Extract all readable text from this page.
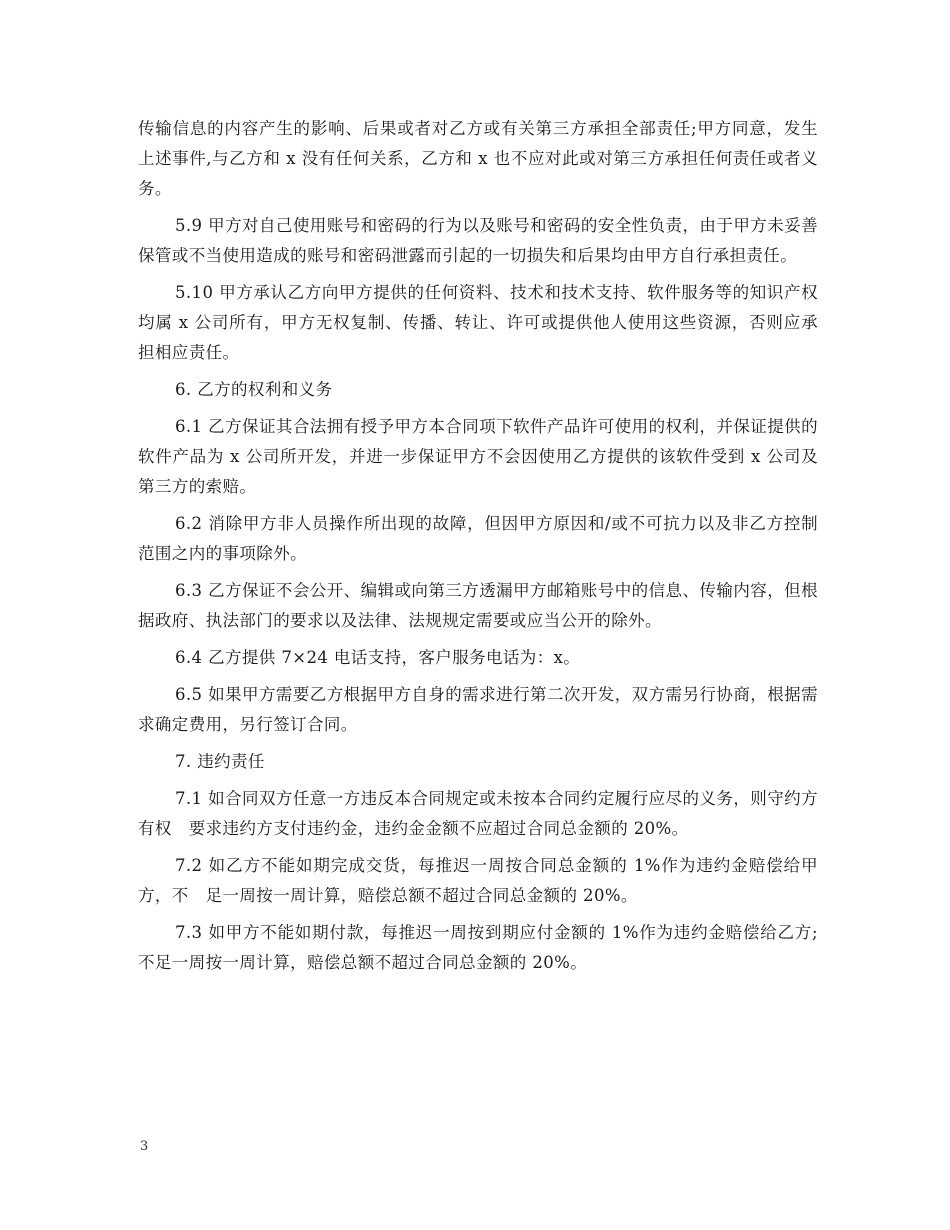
传输信息的内容产生的影响、后果或者对乙方或有关第三方承担全部责任;甲方同意，发生上述事件,与乙方和 x 没有任何关系，乙方和 x 也不应对此或对第三方承担任何责任或者义务。

5.9 甲方对自己使用账号和密码的行为以及账号和密码的安全性负责，由于甲方未妥善保管或不当使用造成的账号和密码泄露而引起的一切损失和后果均由甲方自行承担责任。

5.10 甲方承认乙方向甲方提供的任何资料、技术和技术支持、软件服务等的知识产权均属 x 公司所有，甲方无权复制、传播、转让、许可或提供他人使用这些资源，否则应承担相应责任。

6. 乙方的权利和义务

6.1 乙方保证其合法拥有授予甲方本合同项下软件产品许可使用的权利，并保证提供的软件产品为 x 公司所开发，并进一步保证甲方不会因使用乙方提供的该软件受到 x 公司及第三方的索赔。

6.2 消除甲方非人员操作所出现的故障，但因甲方原因和/或不可抗力以及非乙方控制范围之内的事项除外。

6.3 乙方保证不会公开、编辑或向第三方透漏甲方邮箱账号中的信息、传输内容，但根据政府、执法部门的要求以及法律、法规规定需要或应当公开的除外。

6.4 乙方提供 7×24 电话支持，客户服务电话为：x。

6.5 如果甲方需要乙方根据甲方自身的需求进行第二次开发，双方需另行协商，根据需求确定费用，另行签订合同。

7. 违约责任

7.1 如合同双方任意一方违反本合同规定或未按本合同约定履行应尽的义务，则守约方有权　要求违约方支付违约金，违约金金额不应超过合同总金额的 20%。

7.2 如乙方不能如期完成交货，每推迟一周按合同总金额的 1%作为违约金赔偿给甲方，不　足一周按一周计算，赔偿总额不超过合同总金额的 20%。

7.3 如甲方不能如期付款，每推迟一周按到期应付金额的 1%作为违约金赔偿给乙方;不足一周按一周计算，赔偿总额不超过合同总金额的 20%。

3
